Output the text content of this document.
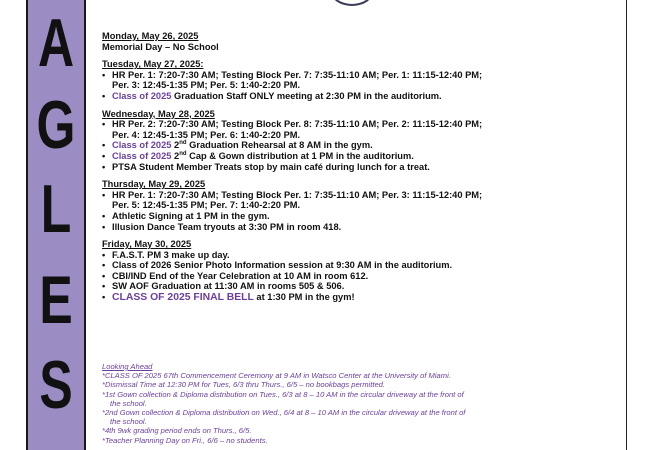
A
G
L
E
S
Monday, May 26, 2025
Memorial Day – No School
Tuesday, May 27, 2025:
• HR Per. 1: 7:20-7:30 AM; Testing Block Per. 7: 7:35-11:10 AM; Per. 1: 11:15-12:40 PM;
Per. 3: 12:45-1:35 PM; Per. 5: 1:40-2:20 PM.
• Class of 2025 Graduation Staff ONLY meeting at 2:30 PM in the auditorium.
Wednesday, May 28, 2025
• HR Per. 2: 7:20-7:30 AM; Testing Block Per. 8: 7:35-11:10 AM; Per. 2: 11:15-12:40 PM;
Per. 4: 12:45-1:35 PM; Per. 6: 1:40-2:20 PM.
• Class of 2025 2nd Graduation Rehearsal at 8 AM in the gym.
• Class of 2025 2nd Cap & Gown distribution at 1 PM in the auditorium.
• PTSA Student Member Treats stop by main café during lunch for a treat.
Thursday, May 29, 2025
• HR Per. 1: 7:20-7:30 AM; Testing Block Per. 1: 7:35-11:10 AM; Per. 3: 11:15-12:40 PM;
Per. 5: 12:45-1:35 PM; Per. 7: 1:40-2:20 PM.
• Athletic Signing at 1 PM in the gym.
• Illusion Dance Team tryouts at 3:30 PM in room 418.
Friday, May 30, 2025
• F.A.S.T. PM 3 make up day.
• Class of 2026 Senior Photo Information session at 9:30 AM in the auditorium.
• CBI/IND End of the Year Celebration at 10 AM in room 612.
• SW AOF Graduation at 11:30 AM in rooms 505 & 506.
• CLASS OF 2025 FINAL BELL at 1:30 PM in the gym!
Looking Ahead
*CLASS OF 2025 67th Commencement Ceremony at 9 AM in Watsco Center at the University of Miami.
*Dismissal Time at 12:30 PM for Tues, 6/3 thru Thurs., 6/5 – no bookbags permitted.
*1st Gown collection & Diploma distribution on Tues., 6/3 at 8 – 10 AM in the circular driveway at the front of
the school.
*2nd Gown collection & Diploma distribution on Wed., 6/4 at 8 – 10 AM in the circular driveway at the front of
the school.
*4th 9wk grading period ends on Thurs., 6/5.
*Teacher Planning Day on Fri., 6/6 – no students.
